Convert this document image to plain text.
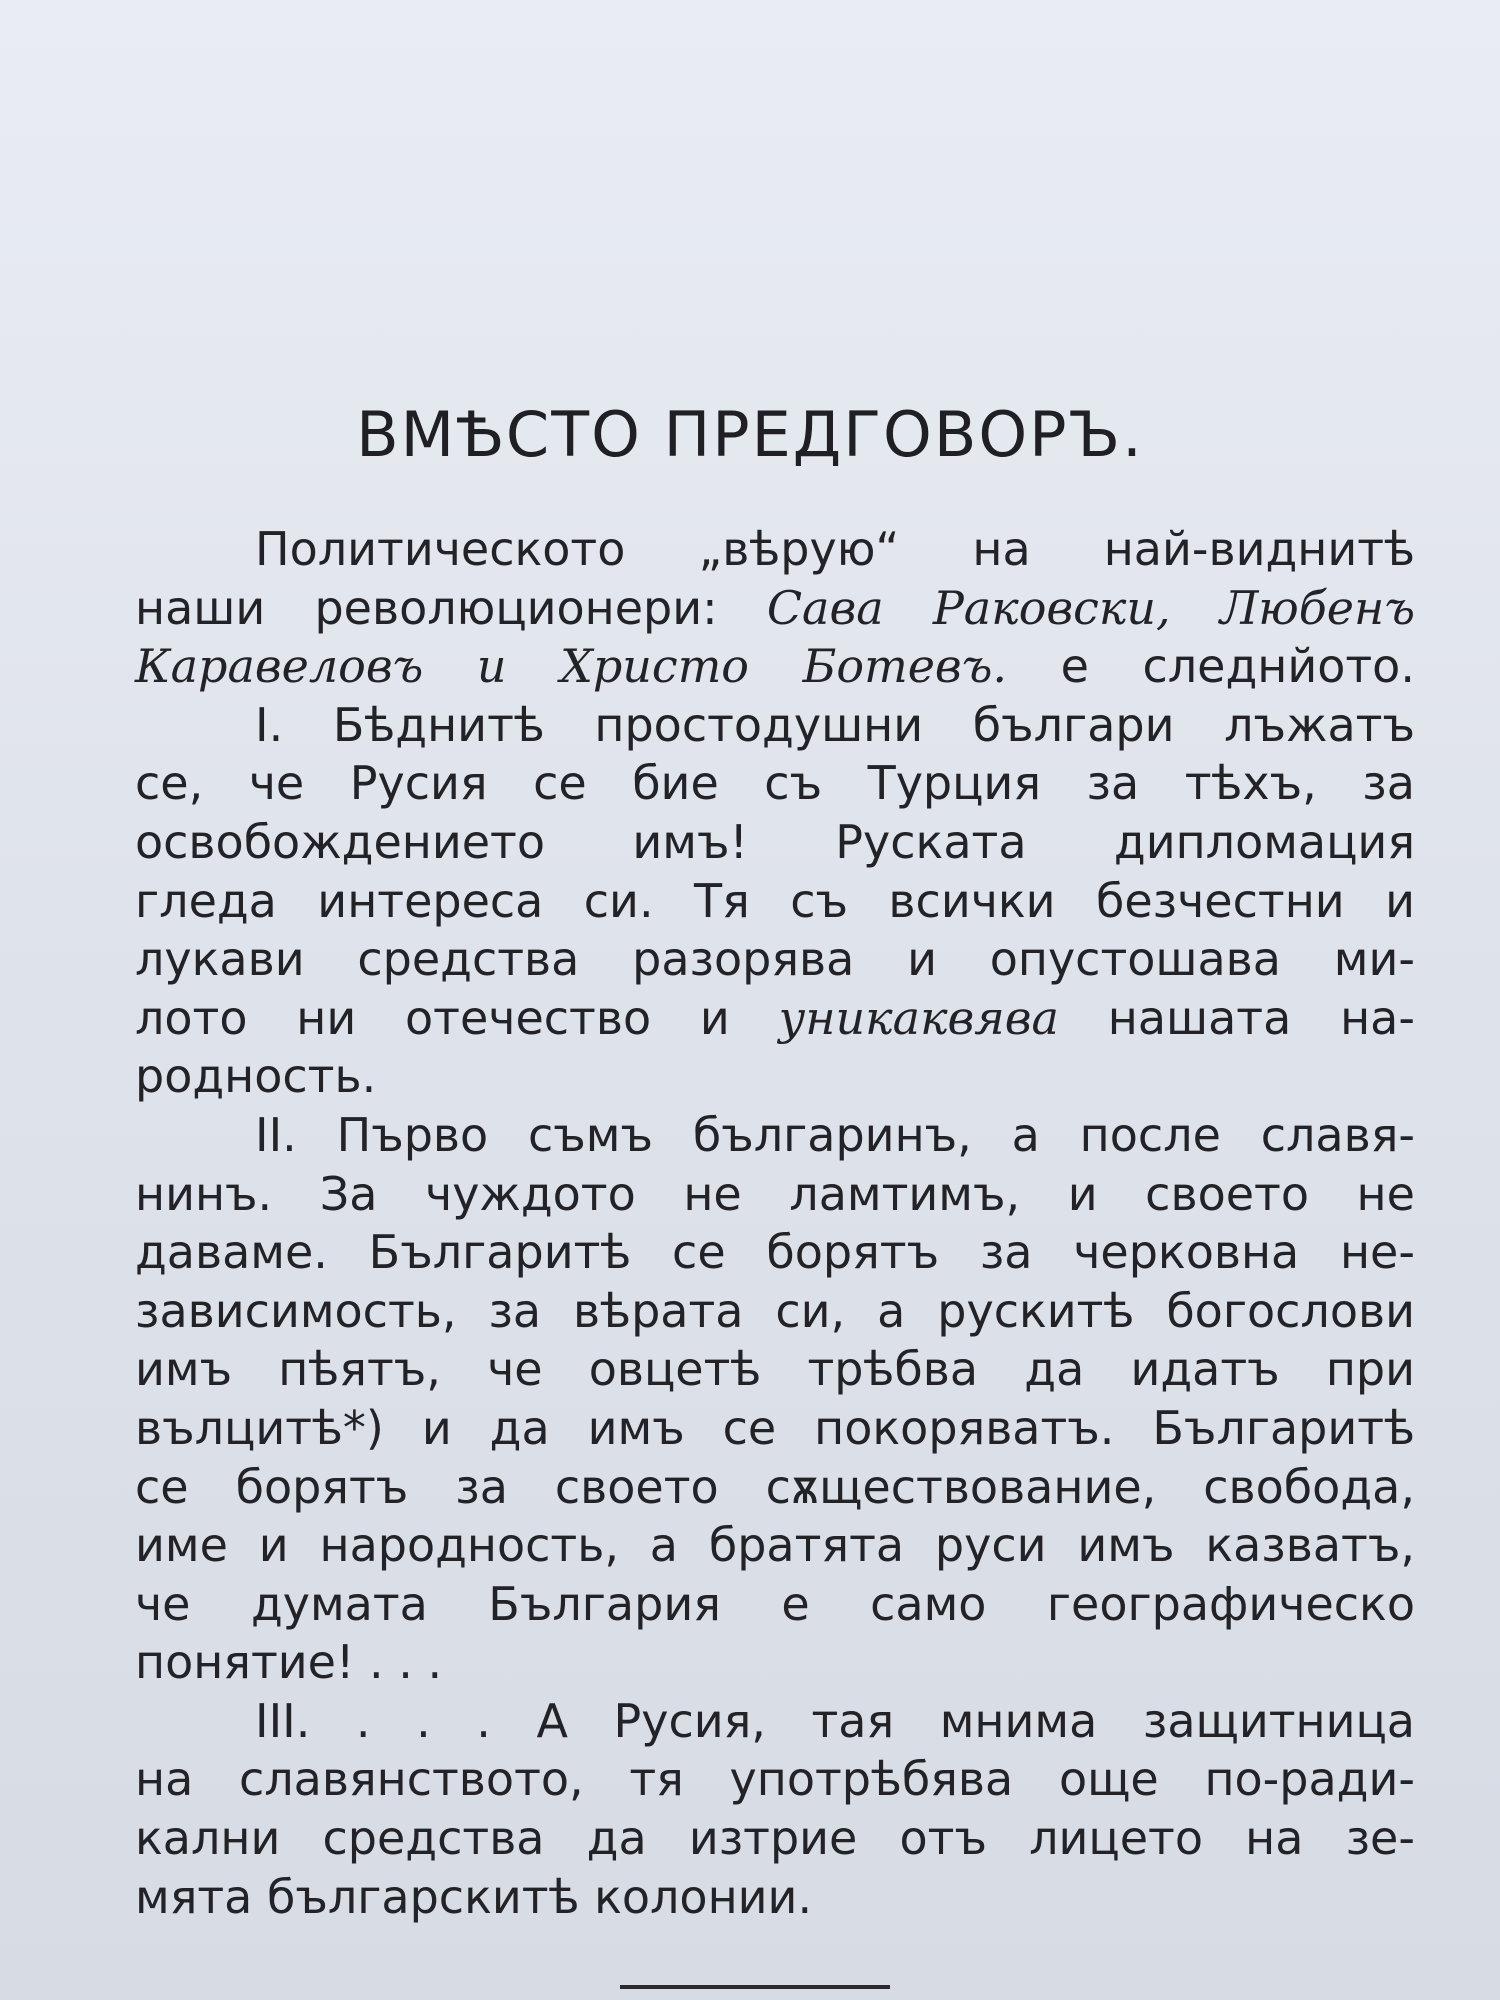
ВМѢСТО ПРЕДГОВОРЪ.
Политическото „вѣрую“ на най-виднитѣ
наши революционери: Сава Раковски, Любенъ
Каравеловъ и Христо Ботевъ. е следнйото.
I. Бѣднитѣ простодушни българи лъжатъ
се, че Русия се бие съ Турция за тѣхъ, за
освобождението имъ! Руската дипломация
гледа интереса си. Тя съ всички безчестни и
лукави средства разорява и опустошава ми-
лото ни отечество и уникаквява нашата на-
родность.
II. Първо съмъ българинъ, а после славя-
нинъ. За чуждото не ламтимъ, и своето не
даваме. Българитѣ се борятъ за черковна не-
зависимость, за вѣрата си, а рускитѣ богослови
имъ пѣятъ, че овцетѣ трѣбва да идатъ при
вълцитѣ*) и да имъ се покоряватъ. Българитѣ
се борятъ за своето сѫществование, свобода,
име и народность, а братята руси имъ казватъ,
че думата България е само географическо
понятие! . . .
III. . . . А Русия, тая мнима защитница
на славянството, тя употрѣбява още по-ради-
кални средства да изтрие отъ лицето на зе-
мята българскитѣ колонии.
